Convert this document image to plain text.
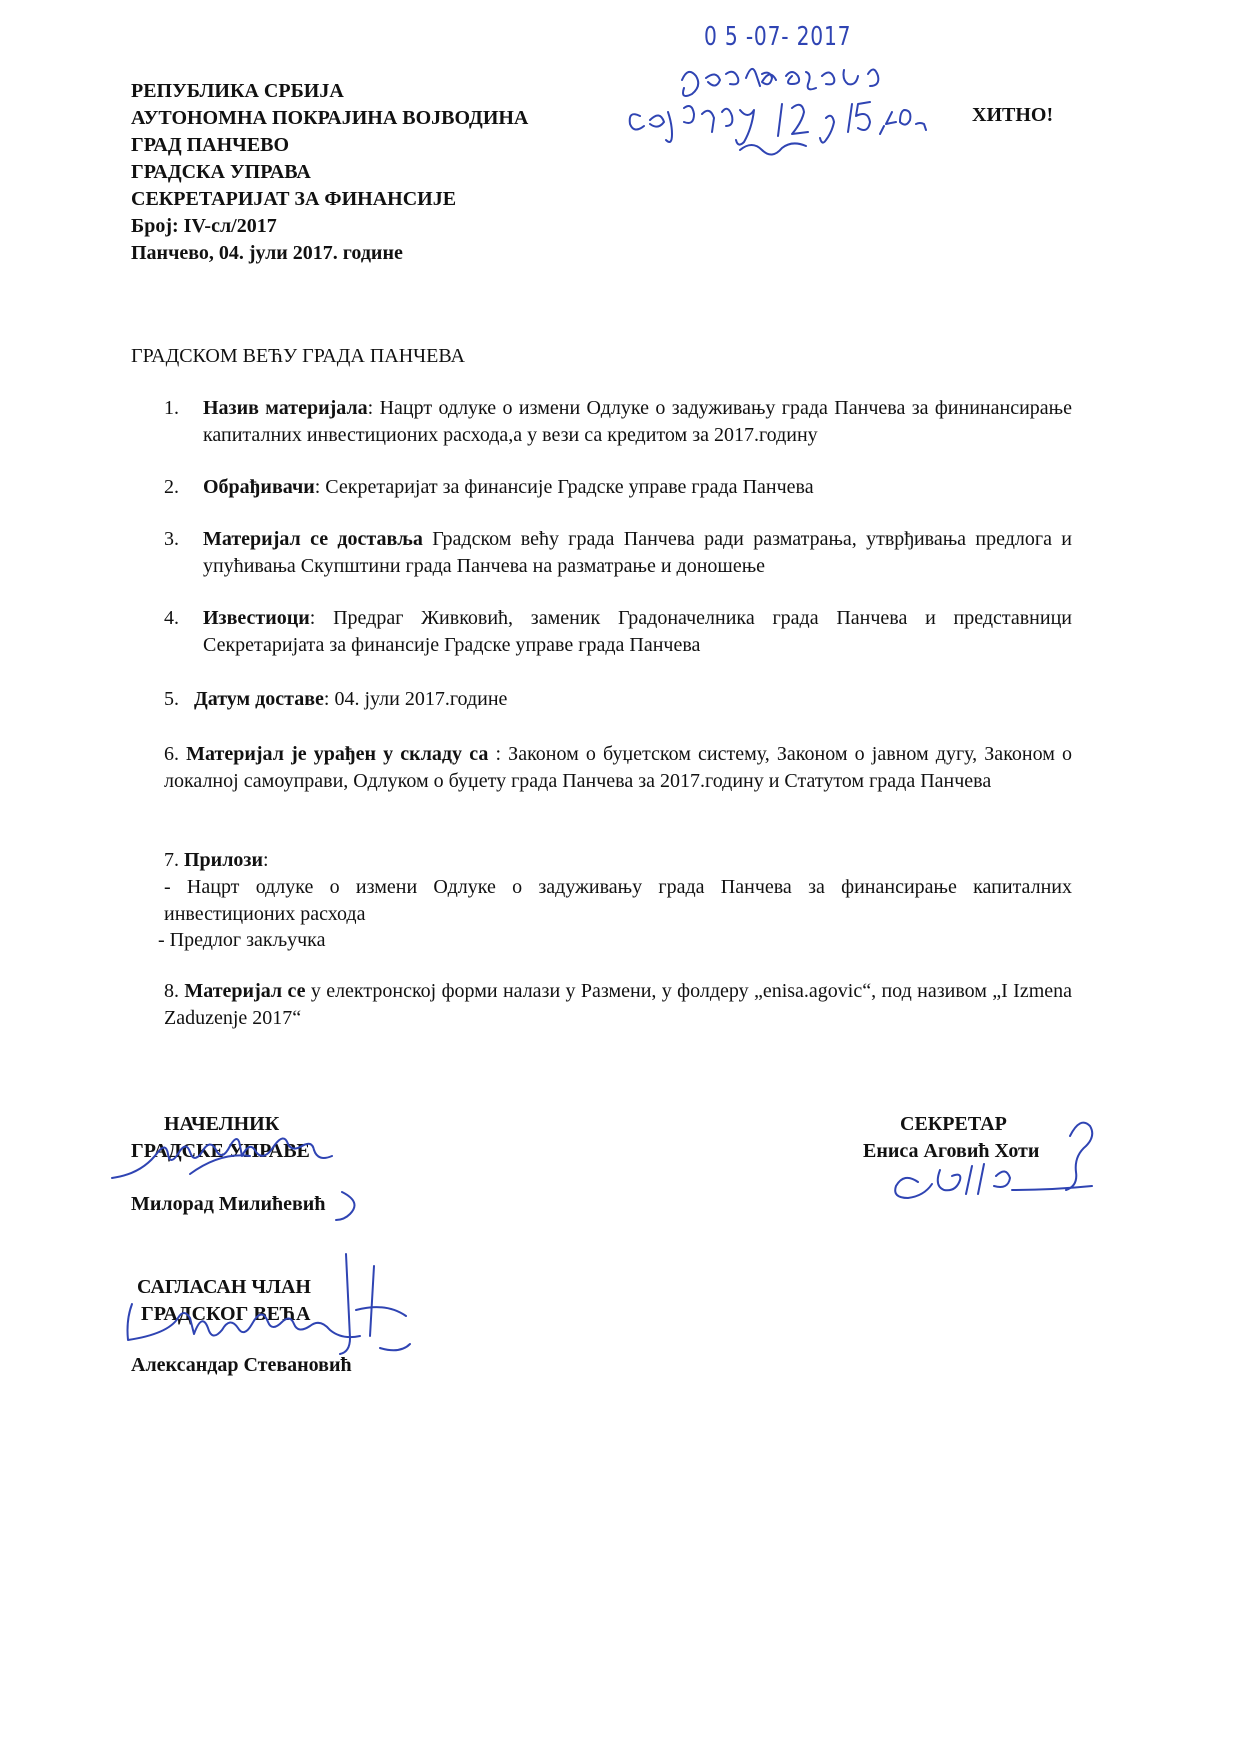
РЕПУБЛИКА СРБИЈА
АУТОНОМНА ПОКРАЈИНА ВОЈВОДИНА
ГРАД ПАНЧЕВО
ГРАДСКА УПРАВА
СЕКРЕТАРИЈАТ ЗА ФИНАНСИЈЕ
Број: IV-сл/2017
Панчево, 04. јули 2017. године
0 5 -07- 2017
ХИТНО!
ГРАДСКОМ ВЕЋУ ГРАДА ПАНЧЕВА
1. Назив материјала: Нацрт одлуке о измени Одлуке о задуживању града Панчева за фининансирање капиталних инвестиционих расхода,а у вези са кредитом за 2017.годину
2. Обрађивачи: Секретаријат за финансије Градске управе града Панчева
3. Материјал се доставља Градском већу града Панчева ради разматрања, утврђивања предлога и упућивања Скупштини града Панчева на разматрање и доношење
4. Известиоци: Предраг Живковић, заменик Градоначелника града Панчева и представници Секретаријата за финансије Градске управе града Панчева
5. Датум доставе: 04. јули 2017.године
6. Материјал је урађен у складу са : Законом о буџетском систему, Законом о јавном дугу, Законом о локалној самоуправи, Одлуком о буџету града Панчева за 2017.годину и Статутом града Панчева
7. Прилози:
- Нацрт одлуке о измени Одлуке о задуживању града Панчева за финансирање капиталних инвестиционих расхода
- Предлог закључка
8. Материјал се у електронској форми налази у Размени, у фолдеру „enisa.agovic“, под називом „I Izmena Zaduzenje 2017“
НАЧЕЛНИК
ГРАДСКЕ УПРАВЕ
Милорад Милићевић
СЕКРЕТАР
Ениса Аговић Хоти
САГЛАСАН ЧЛАН
ГРАДСКОГ ВЕЋА
Александар Стевановић
